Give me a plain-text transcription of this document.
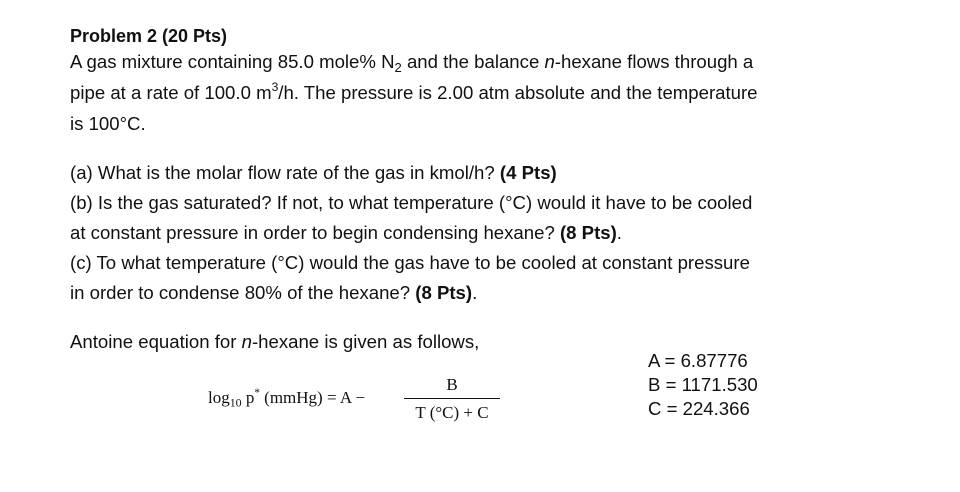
Problem 2 (20 Pts)
A gas mixture containing 85.0 mole% $N_2$ and the balance n-hexane flows through a
pipe at a rate of 100.0 $m^3/h$. The pressure is 2.00 atm absolute and the temperature
is 100°C.
(a) What is the molar flow rate of the gas in kmol/h? (4 Pts)
(b) Is the gas saturated? If not, to what temperature (°C) would it have to be cooled
at constant pressure in order to begin condensing hexane? (8 Pts).
(c) To what temperature (°C) would the gas have to be cooled at constant pressure
in order to condense 80% of the hexane? (8 Pts).
Antoine equation for n-hexane is given as follows,
$\log_{10} p^*$ (mmHg) = A −
B
T (°C) + C
A = 6.87776
B = 1171.530
C = 224.366
